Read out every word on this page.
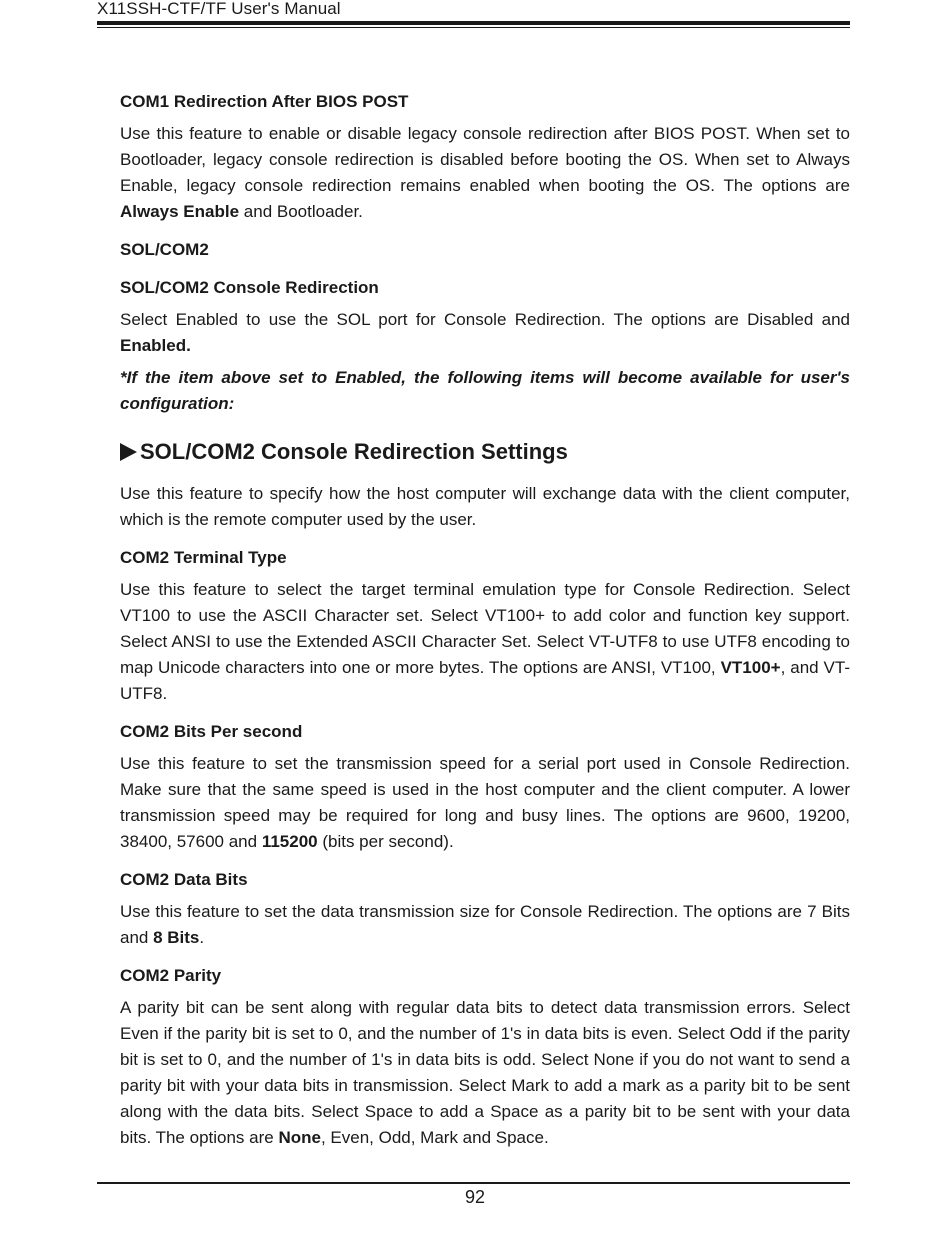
X11SSH-CTF/TF User's Manual
COM1 Redirection After BIOS POST

Use this feature to enable or disable legacy console redirection after BIOS POST. When set to Bootloader, legacy console redirection is disabled before booting the OS. When set to Always Enable, legacy console redirection remains enabled when booting the OS. The options are Always Enable and Bootloader.

SOL/COM2
SOL/COM2 Console Redirection

Select Enabled to use the SOL port for Console Redirection. The options are Disabled and Enabled.

*If the item above set to Enabled, the following items will become available for user's configuration:

SOL/COM2 Console Redirection Settings

Use this feature to specify how the host computer will exchange data with the client computer, which is the remote computer used by the user.

COM2 Terminal Type

Use this feature to select the target terminal emulation type for Console Redirection. Select VT100 to use the ASCII Character set. Select VT100+ to add color and function key support. Select ANSI to use the Extended ASCII Character Set. Select VT-UTF8 to use UTF8 encoding to map Unicode characters into one or more bytes. The options are ANSI, VT100, VT100+, and VT-UTF8.

COM2 Bits Per second

Use this feature to set the transmission speed for a serial port used in Console Redirection. Make sure that the same speed is used in the host computer and the client computer. A lower transmission speed may be required for long and busy lines. The options are 9600, 19200, 38400, 57600 and 115200 (bits per second).

COM2 Data Bits

Use this feature to set the data transmission size for Console Redirection. The options are 7 Bits and 8 Bits.

COM2 Parity

A parity bit can be sent along with regular data bits to detect data transmission errors. Select Even if the parity bit is set to 0, and the number of 1's in data bits is even. Select Odd if the parity bit is set to 0, and the number of 1's in data bits is odd. Select None if you do not want to send a parity bit with your data bits in transmission. Select Mark to add a mark as a parity bit to be sent along with the data bits. Select Space to add a Space as a parity bit to be sent with your data bits. The options are None, Even, Odd, Mark and Space.

92
